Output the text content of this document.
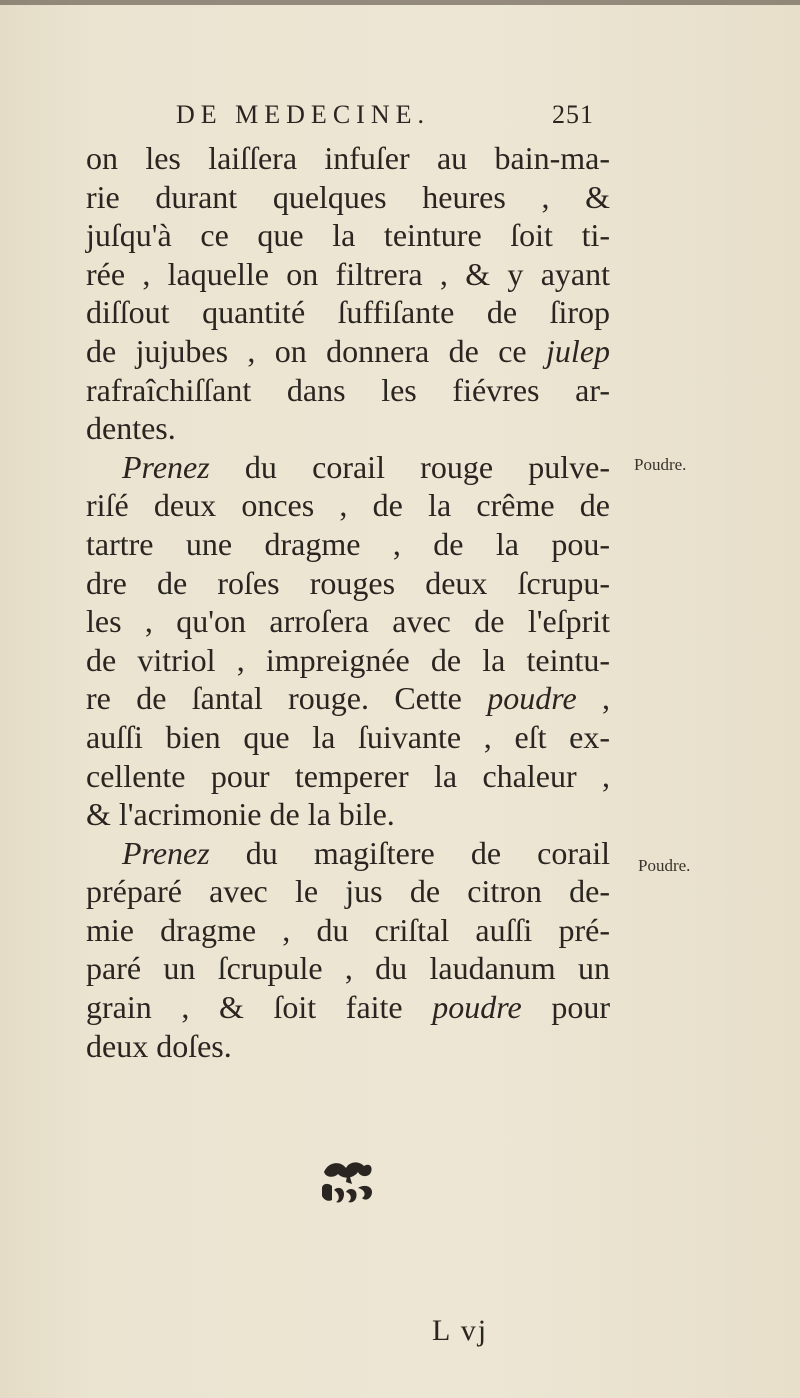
DE MEDECINE.	251
on les laiſſera infuſer au bain-ma-
rie durant quelques heures , &
juſqu'à ce que la teinture ſoit ti-
rée , laquelle on filtrera , & y ayant
diſſout quantité ſuffiſante de ſirop
de jujubes , on donnera de ce julep
rafraîchiſſant dans les fiévres ar-
dentes.
Prenez du corail rouge pulve-
riſé deux onces , de la crême de
tartre une dragme , de la pou-
dre de roſes rouges deux ſcrupu-
les , qu'on arroſera avec de l'eſprit
de vitriol , impreignée de la teintu-
re de ſantal rouge. Cette poudre ,
auſſi bien que la ſuivante , eſt ex-
cellente pour temperer la chaleur ,
& l'acrimonie de la bile.
Prenez du magiſtere de corail
préparé avec le jus de citron de-
mie dragme , du criſtal auſſi pré-
paré un ſcrupule , du laudanum un
grain , & ſoit faite poudre pour
deux doſes.
Poudre.
Poudre.
L vj
